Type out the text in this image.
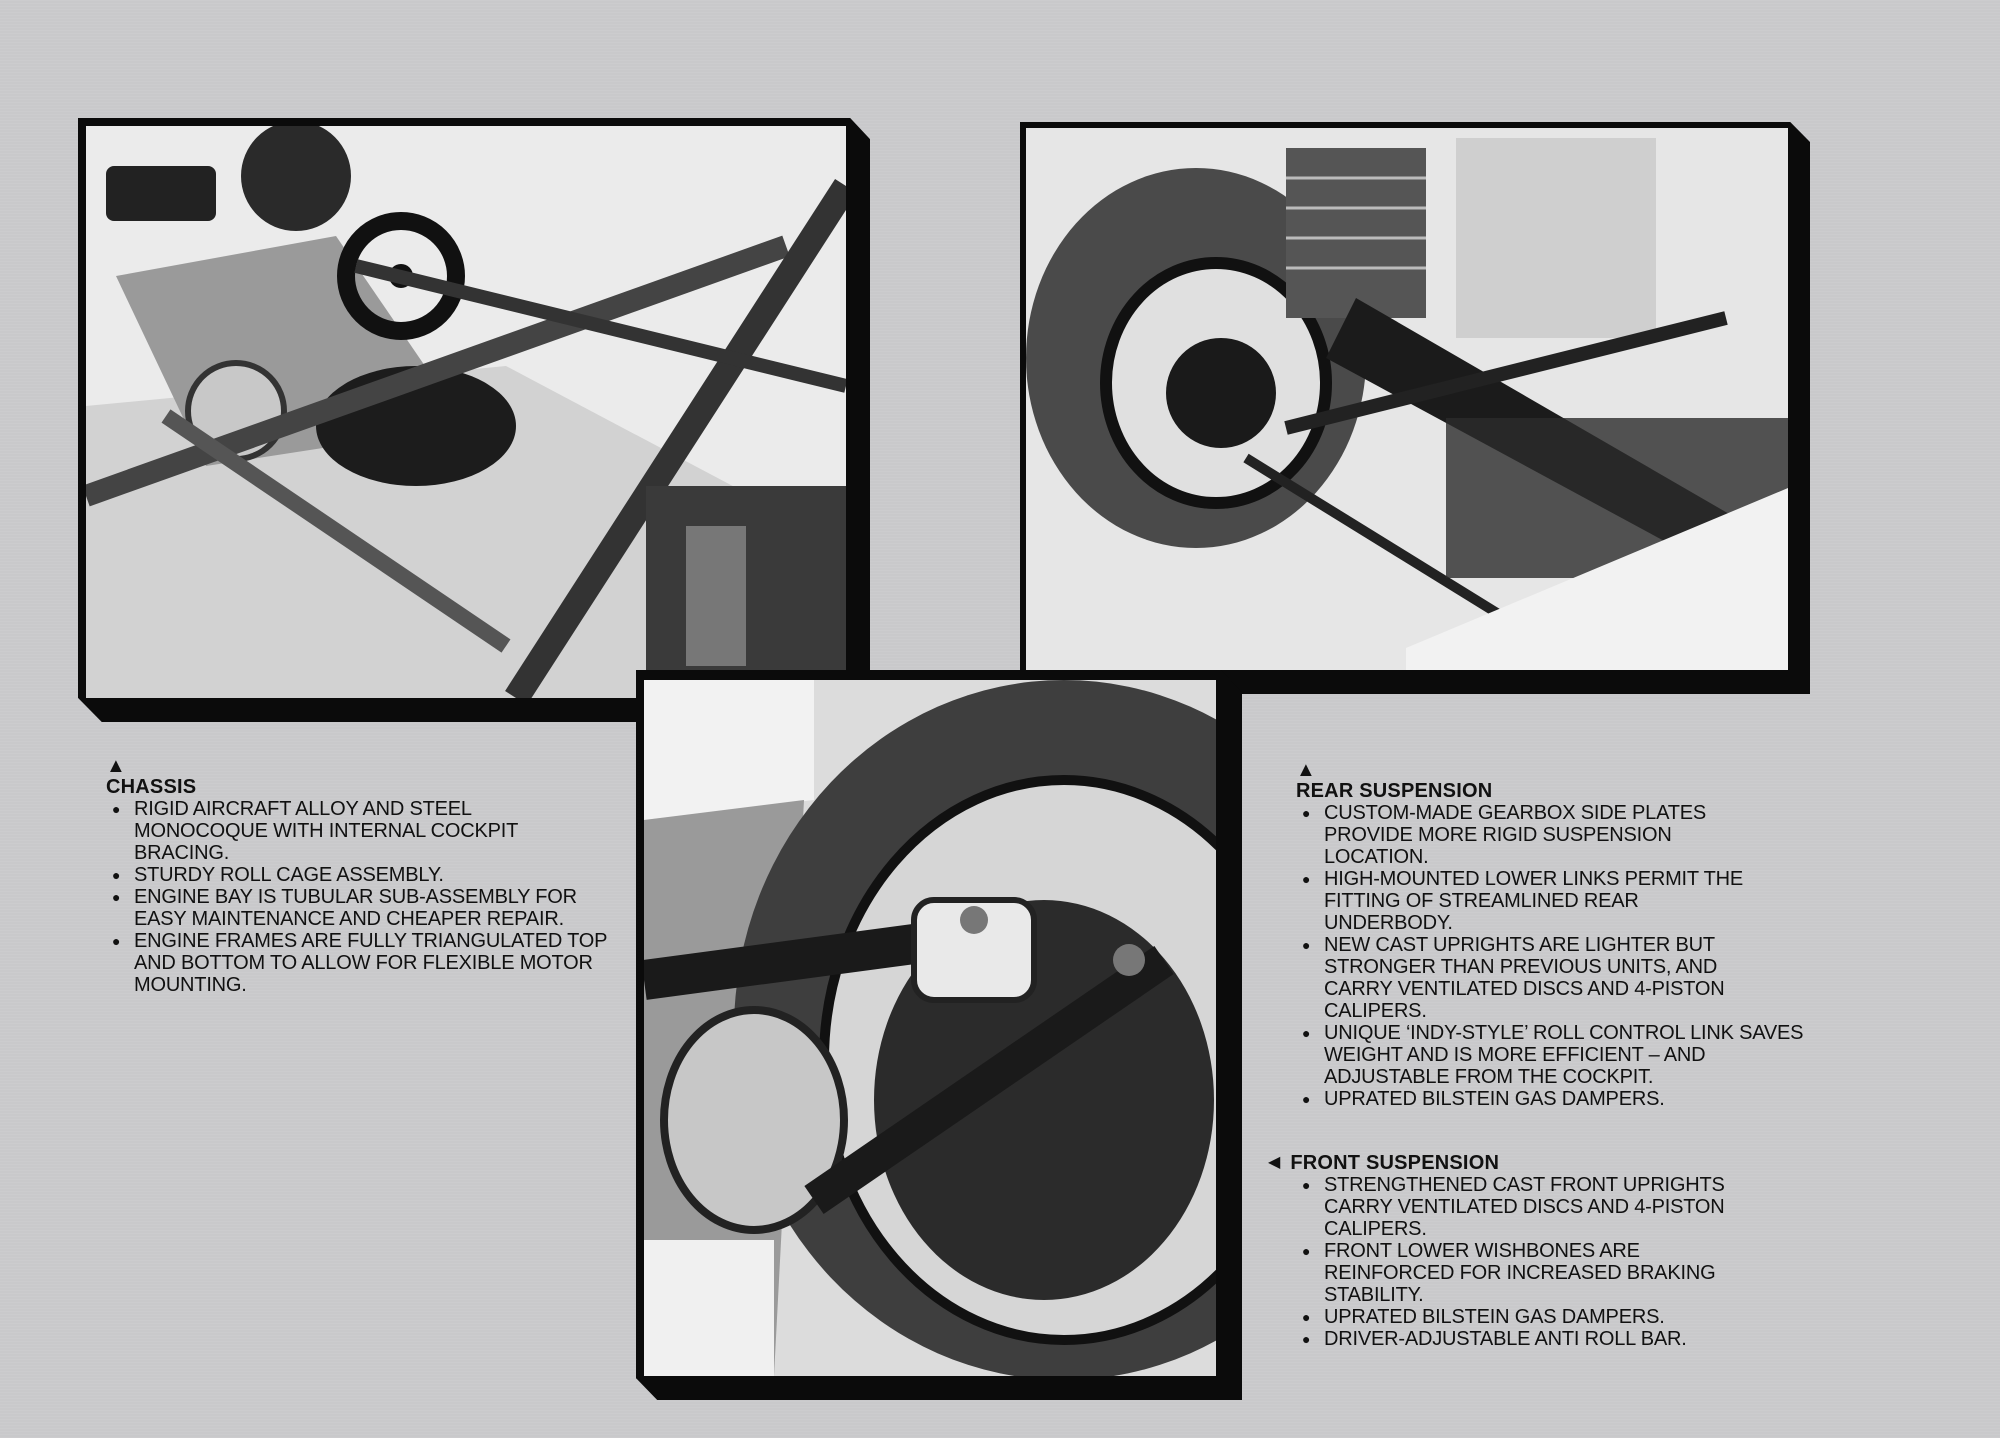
▲
CHASSIS
● RIGID AIRCRAFT ALLOY AND STEEL MONOCOQUE WITH INTERNAL COCKPIT BRACING.
● STURDY ROLL CAGE ASSEMBLY.
● ENGINE BAY IS TUBULAR SUB-ASSEMBLY FOR EASY MAINTENANCE AND CHEAPER REPAIR.
● ENGINE FRAMES ARE FULLY TRIANGULATED TOP AND BOTTOM TO ALLOW FOR FLEXIBLE MOTOR MOUNTING.
▲
REAR SUSPENSION
● CUSTOM-MADE GEARBOX SIDE PLATES PROVIDE MORE RIGID SUSPENSION LOCATION.
● HIGH-MOUNTED LOWER LINKS PERMIT THE FITTING OF STREAMLINED REAR UNDERBODY.
● NEW CAST UPRIGHTS ARE LIGHTER BUT STRONGER THAN PREVIOUS UNITS, AND CARRY VENTILATED DISCS AND 4-PISTON CALIPERS.
● UNIQUE ‘INDY-STYLE’ ROLL CONTROL LINK SAVES WEIGHT AND IS MORE EFFICIENT – AND ADJUSTABLE FROM THE COCKPIT.
● UPRATED BILSTEIN GAS DAMPERS.
◀ FRONT SUSPENSION
● STRENGTHENED CAST FRONT UPRIGHTS CARRY VENTILATED DISCS AND 4-PISTON CALIPERS.
● FRONT LOWER WISHBONES ARE REINFORCED FOR INCREASED BRAKING STABILITY.
● UPRATED BILSTEIN GAS DAMPERS.
● DRIVER-ADJUSTABLE ANTI ROLL BAR.
